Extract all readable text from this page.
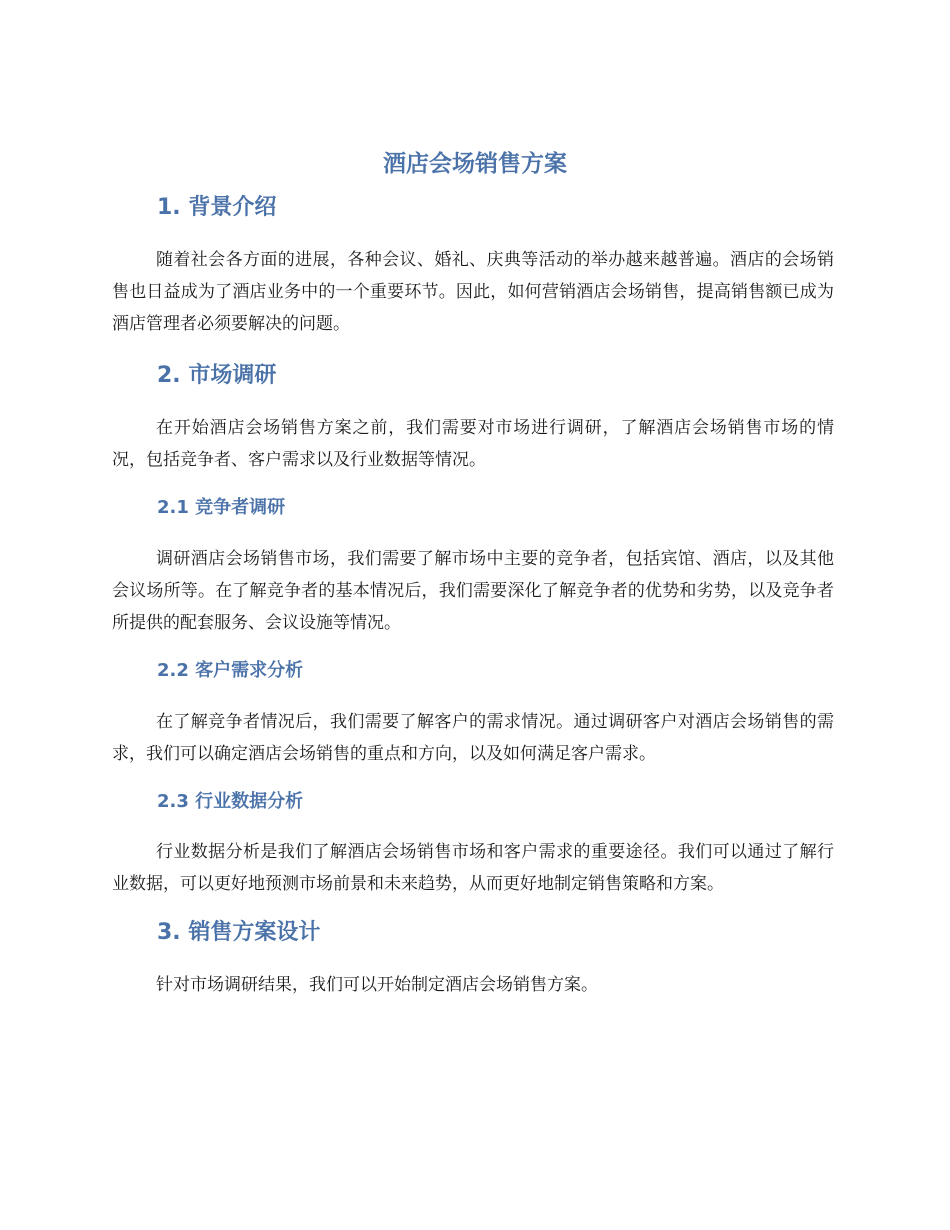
酒店会场销售方案
1. 背景介绍

随着社会各方面的进展，各种会议、婚礼、庆典等活动的举办越来越普遍。酒店的会场销售也日益成为了酒店业务中的一个重要环节。因此，如何营销酒店会场销售，提高销售额已成为酒店管理者必须要解决的问题。

2. 市场调研

在开始酒店会场销售方案之前，我们需要对市场进行调研，了解酒店会场销售市场的情况，包括竞争者、客户需求以及行业数据等情况。

2.1 竞争者调研

调研酒店会场销售市场，我们需要了解市场中主要的竞争者，包括宾馆、酒店，以及其他会议场所等。在了解竞争者的基本情况后，我们需要深化了解竞争者的优势和劣势，以及竞争者所提供的配套服务、会议设施等情况。

2.2 客户需求分析

在了解竞争者情况后，我们需要了解客户的需求情况。通过调研客户对酒店会场销售的需求，我们可以确定酒店会场销售的重点和方向，以及如何满足客户需求。

2.3 行业数据分析

行业数据分析是我们了解酒店会场销售市场和客户需求的重要途径。我们可以通过了解行业数据，可以更好地预测市场前景和未来趋势，从而更好地制定销售策略和方案。

3. 销售方案设计

针对市场调研结果，我们可以开始制定酒店会场销售方案。
